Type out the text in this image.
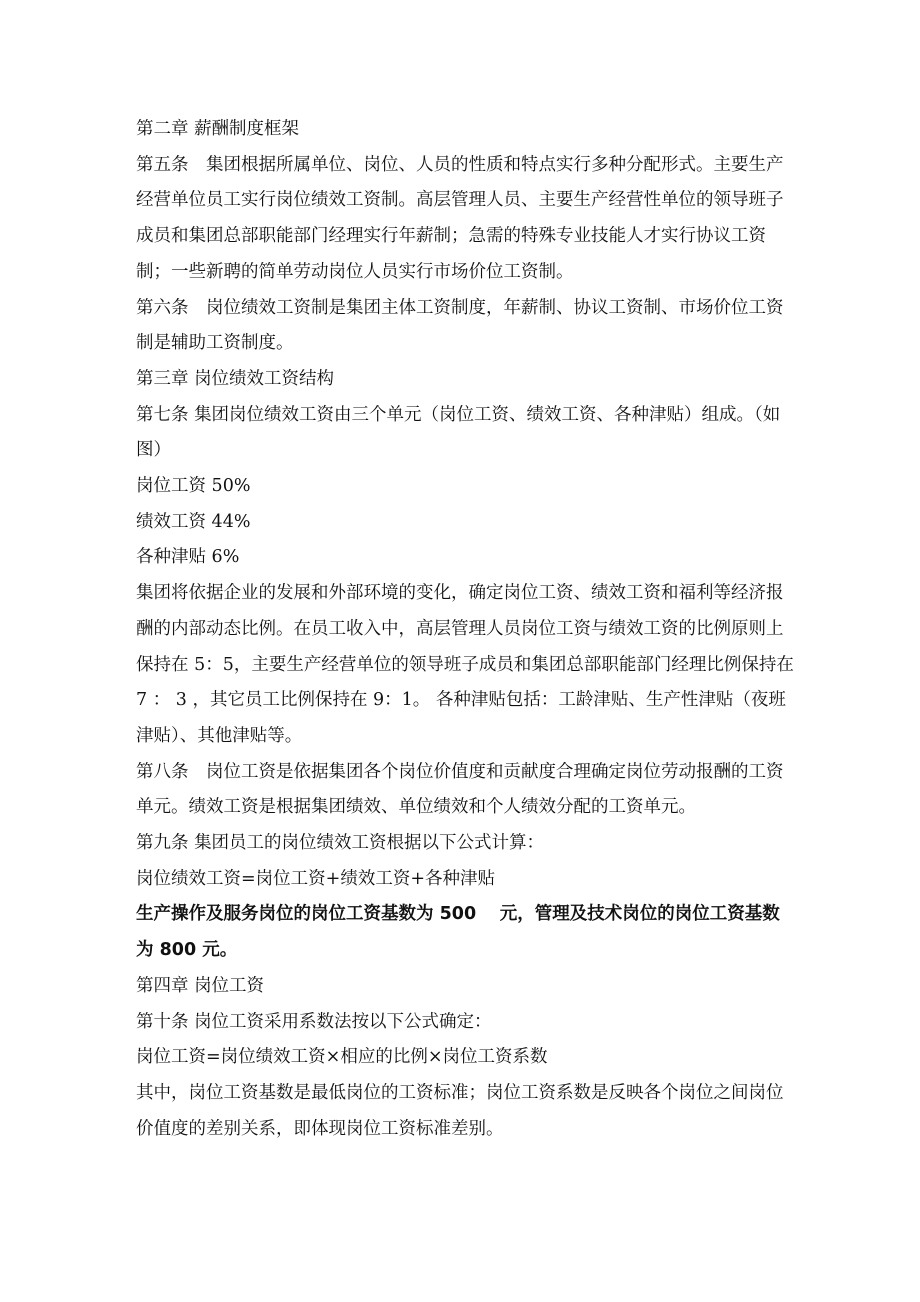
第二章 薪酬制度框架

第五条　集团根据所属单位、岗位、人员的性质和特点实行多种分配形式。主要生产经营单位员工实行岗位绩效工资制。高层管理人员、主要生产经营性单位的领导班子成员和集团总部职能部门经理实行年薪制；急需的特殊专业技能人才实行协议工资制；一些新聘的简单劳动岗位人员实行市场价位工资制。

第六条　岗位绩效工资制是集团主体工资制度，年薪制、协议工资制、市场价位工资制是辅助工资制度。

第三章 岗位绩效工资结构

第七条 集团岗位绩效工资由三个单元（岗位工资、绩效工资、各种津贴）组成。（如图）

岗位工资 50%

绩效工资 44%

各种津贴 6%

集团将依据企业的发展和外部环境的变化，确定岗位工资、绩效工资和福利等经济报酬的内部动态比例。在员工收入中，高层管理人员岗位工资与绩效工资的比例原则上保持在 5：5，主要生产经营单位的领导班子成员和集团总部职能部门经理比例保持在 7 ： 3 ，其它员工比例保持在 9：1。 各种津贴包括：工龄津贴、生产性津贴（夜班津贴）、其他津贴等。

第八条　岗位工资是依据集团各个岗位价值度和贡献度合理确定岗位劳动报酬的工资单元。绩效工资是根据集团绩效、单位绩效和个人绩效分配的工资单元。

第九条 集团员工的岗位绩效工资根据以下公式计算：

岗位绩效工资=岗位工资+绩效工资+各种津贴

生产操作及服务岗位的岗位工资基数为 500　 元，管理及技术岗位的岗位工资基数为 800 元。

第四章 岗位工资

第十条 岗位工资采用系数法按以下公式确定：

岗位工资=岗位绩效工资×相应的比例×岗位工资系数

其中，岗位工资基数是最低岗位的工资标准；岗位工资系数是反映各个岗位之间岗位价值度的差别关系，即体现岗位工资标准差别。
